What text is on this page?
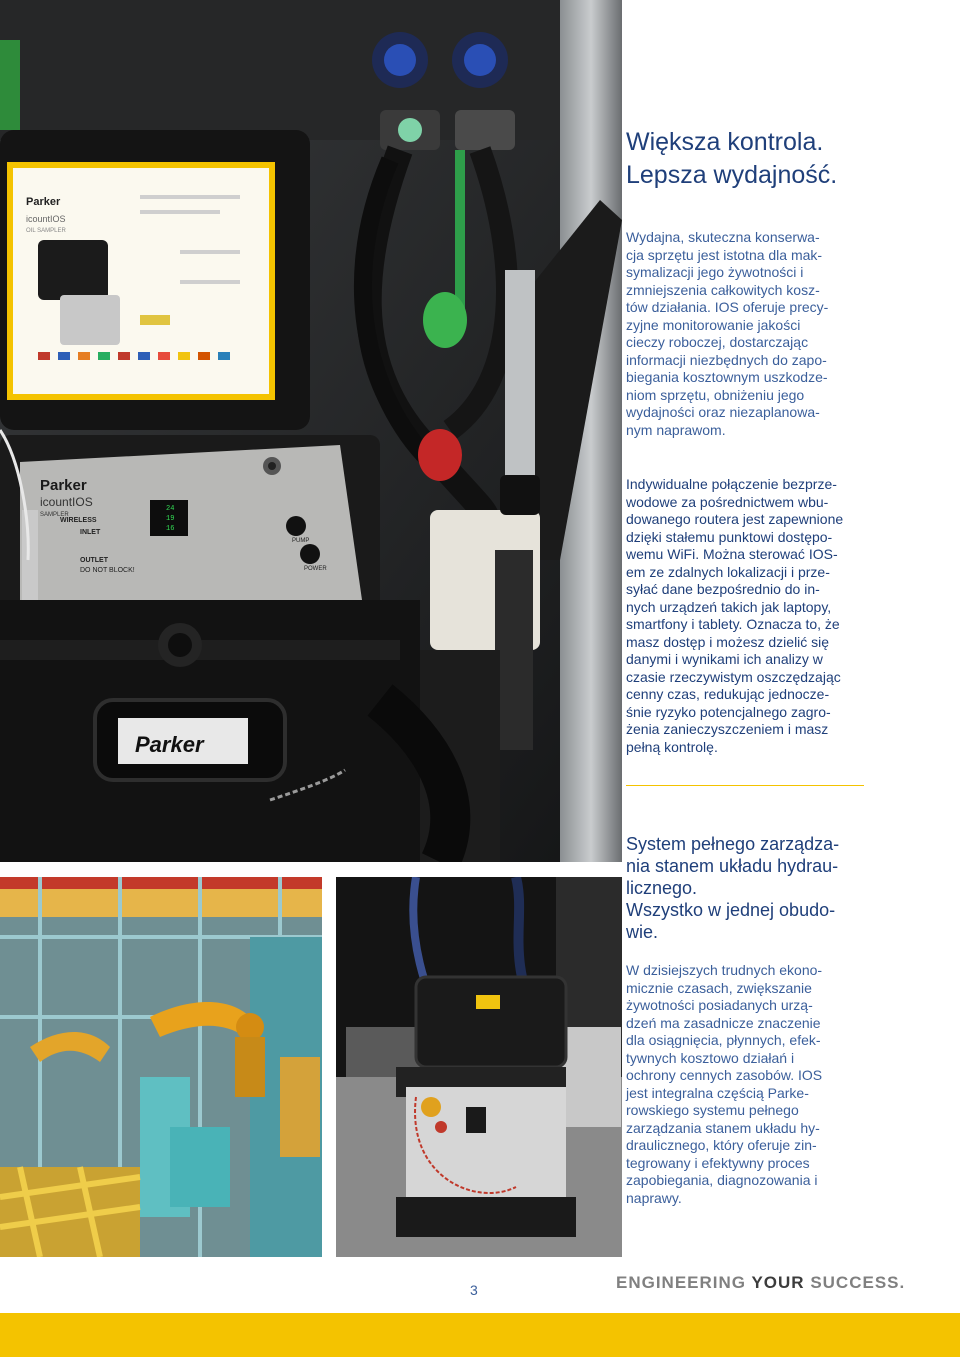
Parker
icountIOS
OIL SAMPLER
Parker
icountIOS
SAMPLER
WIRELESS
INLET
OUTLET
DO NOT BLOCK!
24
19
16
PUMP
POWER
Parker
Większa kontrola.
Lepsza wydajność.

Wydajna, skuteczna konserwa-
cja sprzętu jest istotna dla mak-
symalizacji jego żywotności i
zmniejszenia całkowitych kosz-
tów działania. IOS oferuje precy-
zyjne monitorowanie jakości
cieczy roboczej, dostarczając
informacji niezbędnych do zapo-
biegania kosztownym uszkodze-
niom sprzętu, obniżeniu jego
wydajności oraz niezaplanowa-
nym naprawom.

Indywidualne połączenie bezprze-
wodowe za pośrednictwem wbu-
dowanego routera jest zapewnione
dzięki stałemu punktowi dostępo-
wemu WiFi. Można sterować IOS-
em ze zdalnych lokalizacji i prze-
syłać dane bezpośrednio do in-
nych urządzeń takich jak laptopy,
smartfony i tablety. Oznacza to, że
masz dostęp i możesz dzielić się
danymi i wynikami ich analizy w
czasie rzeczywistym oszczędzając
cenny czas, redukując jednocze-
śnie ryzyko potencjalnego zagro-
żenia zanieczyszczeniem i masz
pełną kontrolę.

System pełnego zarządza-
nia stanem układu hydrau-
licznego.
Wszystko w jednej obudo-
wie.

W dzisiejszych trudnych ekono-
micznie czasach, zwiększanie
żywotności posiadanych urzą-
dzeń ma zasadnicze znaczenie
dla osiągnięcia, płynnych, efek-
tywnych kosztowo działań i
ochrony cennych zasobów. IOS
jest integralna częścią Parke-
rowskiego systemu pełnego
zarządzania stanem układu hy-
draulicznego, który oferuje zin-
tegrowany i efektywny proces
zapobiegania, diagnozowania i
naprawy.

3	ENGINEERING YOUR SUCCESS.
